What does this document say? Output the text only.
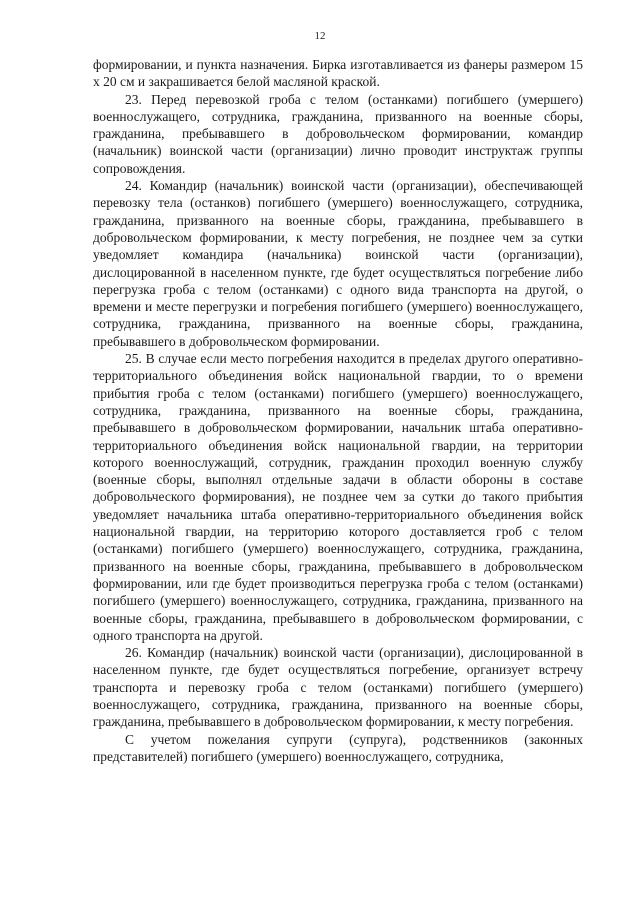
12

формировании, и пункта назначения. Бирка изготавливается из фанеры размером 15 х 20 см и закрашивается белой масляной краской.

23. Перед перевозкой гроба с телом (останками) погибшего (умершего) военнослужащего, сотрудника, гражданина, призванного на военные сборы, гражданина, пребывавшего в добровольческом формировании, командир (начальник) воинской части (организации) лично проводит инструктаж группы сопровождения.

24. Командир (начальник) воинской части (организации), обеспечивающей перевозку тела (останков) погибшего (умершего) военнослужащего, сотрудника, гражданина, призванного на военные сборы, гражданина, пребывавшего в добровольческом формировании, к месту погребения, не позднее чем за сутки уведомляет командира (начальника) воинской части (организации), дислоцированной в населенном пункте, где будет осуществляться погребение либо перегрузка гроба с телом (останками) с одного вида транспорта на другой, о времени и месте перегрузки и погребения погибшего (умершего) военнослужащего, сотрудника, гражданина, призванного на военные сборы, гражданина, пребывавшего в добровольческом формировании.

25. В случае если место погребения находится в пределах другого оперативно-территориального объединения войск национальной гвардии, то о времени прибытия гроба с телом (останками) погибшего (умершего) военнослужащего, сотрудника, гражданина, призванного на военные сборы, гражданина, пребывавшего в добровольческом формировании, начальник штаба оперативно-территориального объединения войск национальной гвардии, на территории которого военнослужащий, сотрудник, гражданин проходил военную службу (военные сборы, выполнял отдельные задачи в области обороны в составе добровольческого формирования), не позднее чем за сутки до такого прибытия уведомляет начальника штаба оперативно-территориального объединения войск национальной гвардии, на территорию которого доставляется гроб с телом (останками) погибшего (умершего) военнослужащего, сотрудника, гражданина, призванного на военные сборы, гражданина, пребывавшего в добровольческом формировании, или где будет производиться перегрузка гроба с телом (останками) погибшего (умершего) военнослужащего, сотрудника, гражданина, призванного на военные сборы, гражданина, пребывавшего в добровольческом формировании, с одного транспорта на другой.

26. Командир (начальник) воинской части (организации), дислоцированной в населенном пункте, где будет осуществляться погребение, организует встречу транспорта и перевозку гроба с телом (останками) погибшего (умершего) военнослужащего, сотрудника, гражданина, призванного на военные сборы, гражданина, пребывавшего в добровольческом формировании, к месту погребения.

С учетом пожелания супруги (супруга), родственников (законных представителей) погибшего (умершего) военнослужащего, сотрудника,
